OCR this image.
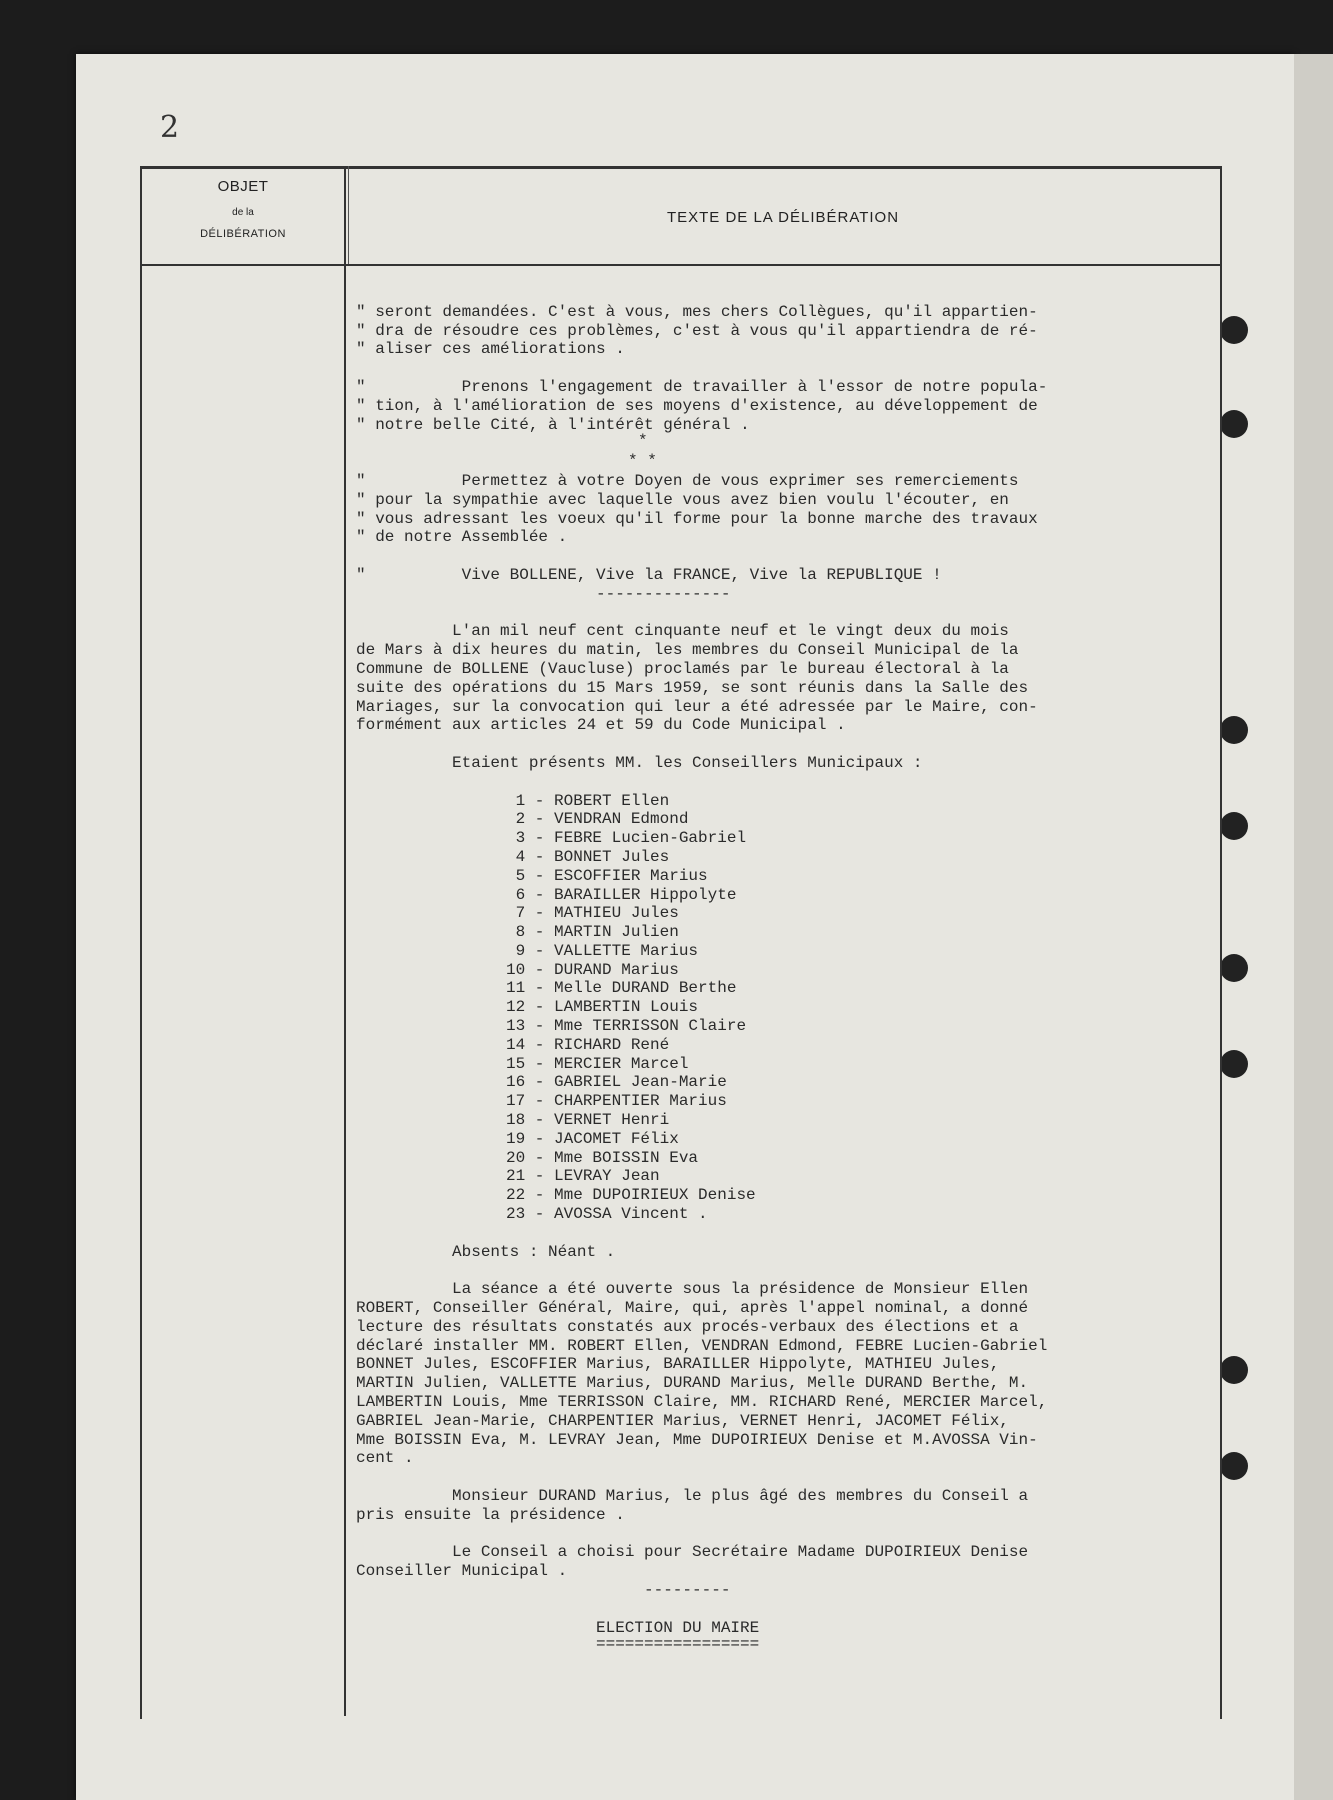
2
OBJET
de la
DÉLIBÉRATION
TEXTE DE LA DÉLIBÉRATION

" seront demandées. C'est à vous, mes chers Collègues, qu'il appartien-
" dra de résoudre ces problèmes, c'est à vous qu'il appartiendra de ré-
" aliser ces améliorations .
"          Prenons l'engagement de travailler à l'essor de notre popula-
" tion, à l'amélioration de ses moyens d'existence, au développement de
" notre belle Cité, à l'intérêt général .
*
* *
"          Permettez à votre Doyen de vous exprimer ses remerciements
" pour la sympathie avec laquelle vous avez bien voulu l'écouter, en
" vous adressant les voeux qu'il forme pour la bonne marche des travaux
" de notre Assemblée .
"          Vive BOLLENE, Vive la FRANCE, Vive la REPUBLIQUE !
--------------
L'an mil neuf cent cinquante neuf et le vingt deux du mois
de Mars à dix heures du matin, les membres du Conseil Municipal de la
Commune de BOLLENE (Vaucluse) proclamés par le bureau électoral à la
suite des opérations du 15 Mars 1959, se sont réunis dans la Salle des
Mariages, sur la convocation qui leur a été adressée par le Maire, con-
formément aux articles 24 et 59 du Code Municipal .
Etaient présents MM. les Conseillers Municipaux :
1 - ROBERT Ellen
2 - VENDRAN Edmond
3 - FEBRE Lucien-Gabriel
4 - BONNET Jules
5 - ESCOFFIER Marius
6 - BARAILLER Hippolyte
7 - MATHIEU Jules
8 - MARTIN Julien
9 - VALLETTE Marius
10 - DURAND Marius
11 - Melle DURAND Berthe
12 - LAMBERTIN Louis
13 - Mme TERRISSON Claire
14 - RICHARD René
15 - MERCIER Marcel
16 - GABRIEL Jean-Marie
17 - CHARPENTIER Marius
18 - VERNET Henri
19 - JACOMET Félix
20 - Mme BOISSIN Eva
21 - LEVRAY Jean
22 - Mme DUPOIRIEUX Denise
23 - AVOSSA Vincent .
Absents : Néant .
La séance a été ouverte sous la présidence de Monsieur Ellen
ROBERT, Conseiller Général, Maire, qui, après l'appel nominal, a donné
lecture des résultats constatés aux procés-verbaux des élections et a
déclaré installer MM. ROBERT Ellen, VENDRAN Edmond, FEBRE Lucien-Gabriel
BONNET Jules, ESCOFFIER Marius, BARAILLER Hippolyte, MATHIEU Jules,
MARTIN Julien, VALLETTE Marius, DURAND Marius, Melle DURAND Berthe, M.
LAMBERTIN Louis, Mme TERRISSON Claire, MM. RICHARD René, MERCIER Marcel,
GABRIEL Jean-Marie, CHARPENTIER Marius, VERNET Henri, JACOMET Félix,
Mme BOISSIN Eva, M. LEVRAY Jean, Mme DUPOIRIEUX Denise et M.AVOSSA Vin-
cent .
Monsieur DURAND Marius, le plus âgé des membres du Conseil a
pris ensuite la présidence .
Le Conseil a choisi pour Secrétaire Madame DUPOIRIEUX Denise
Conseiller Municipal .
---------
ELECTION DU MAIRE
=================
